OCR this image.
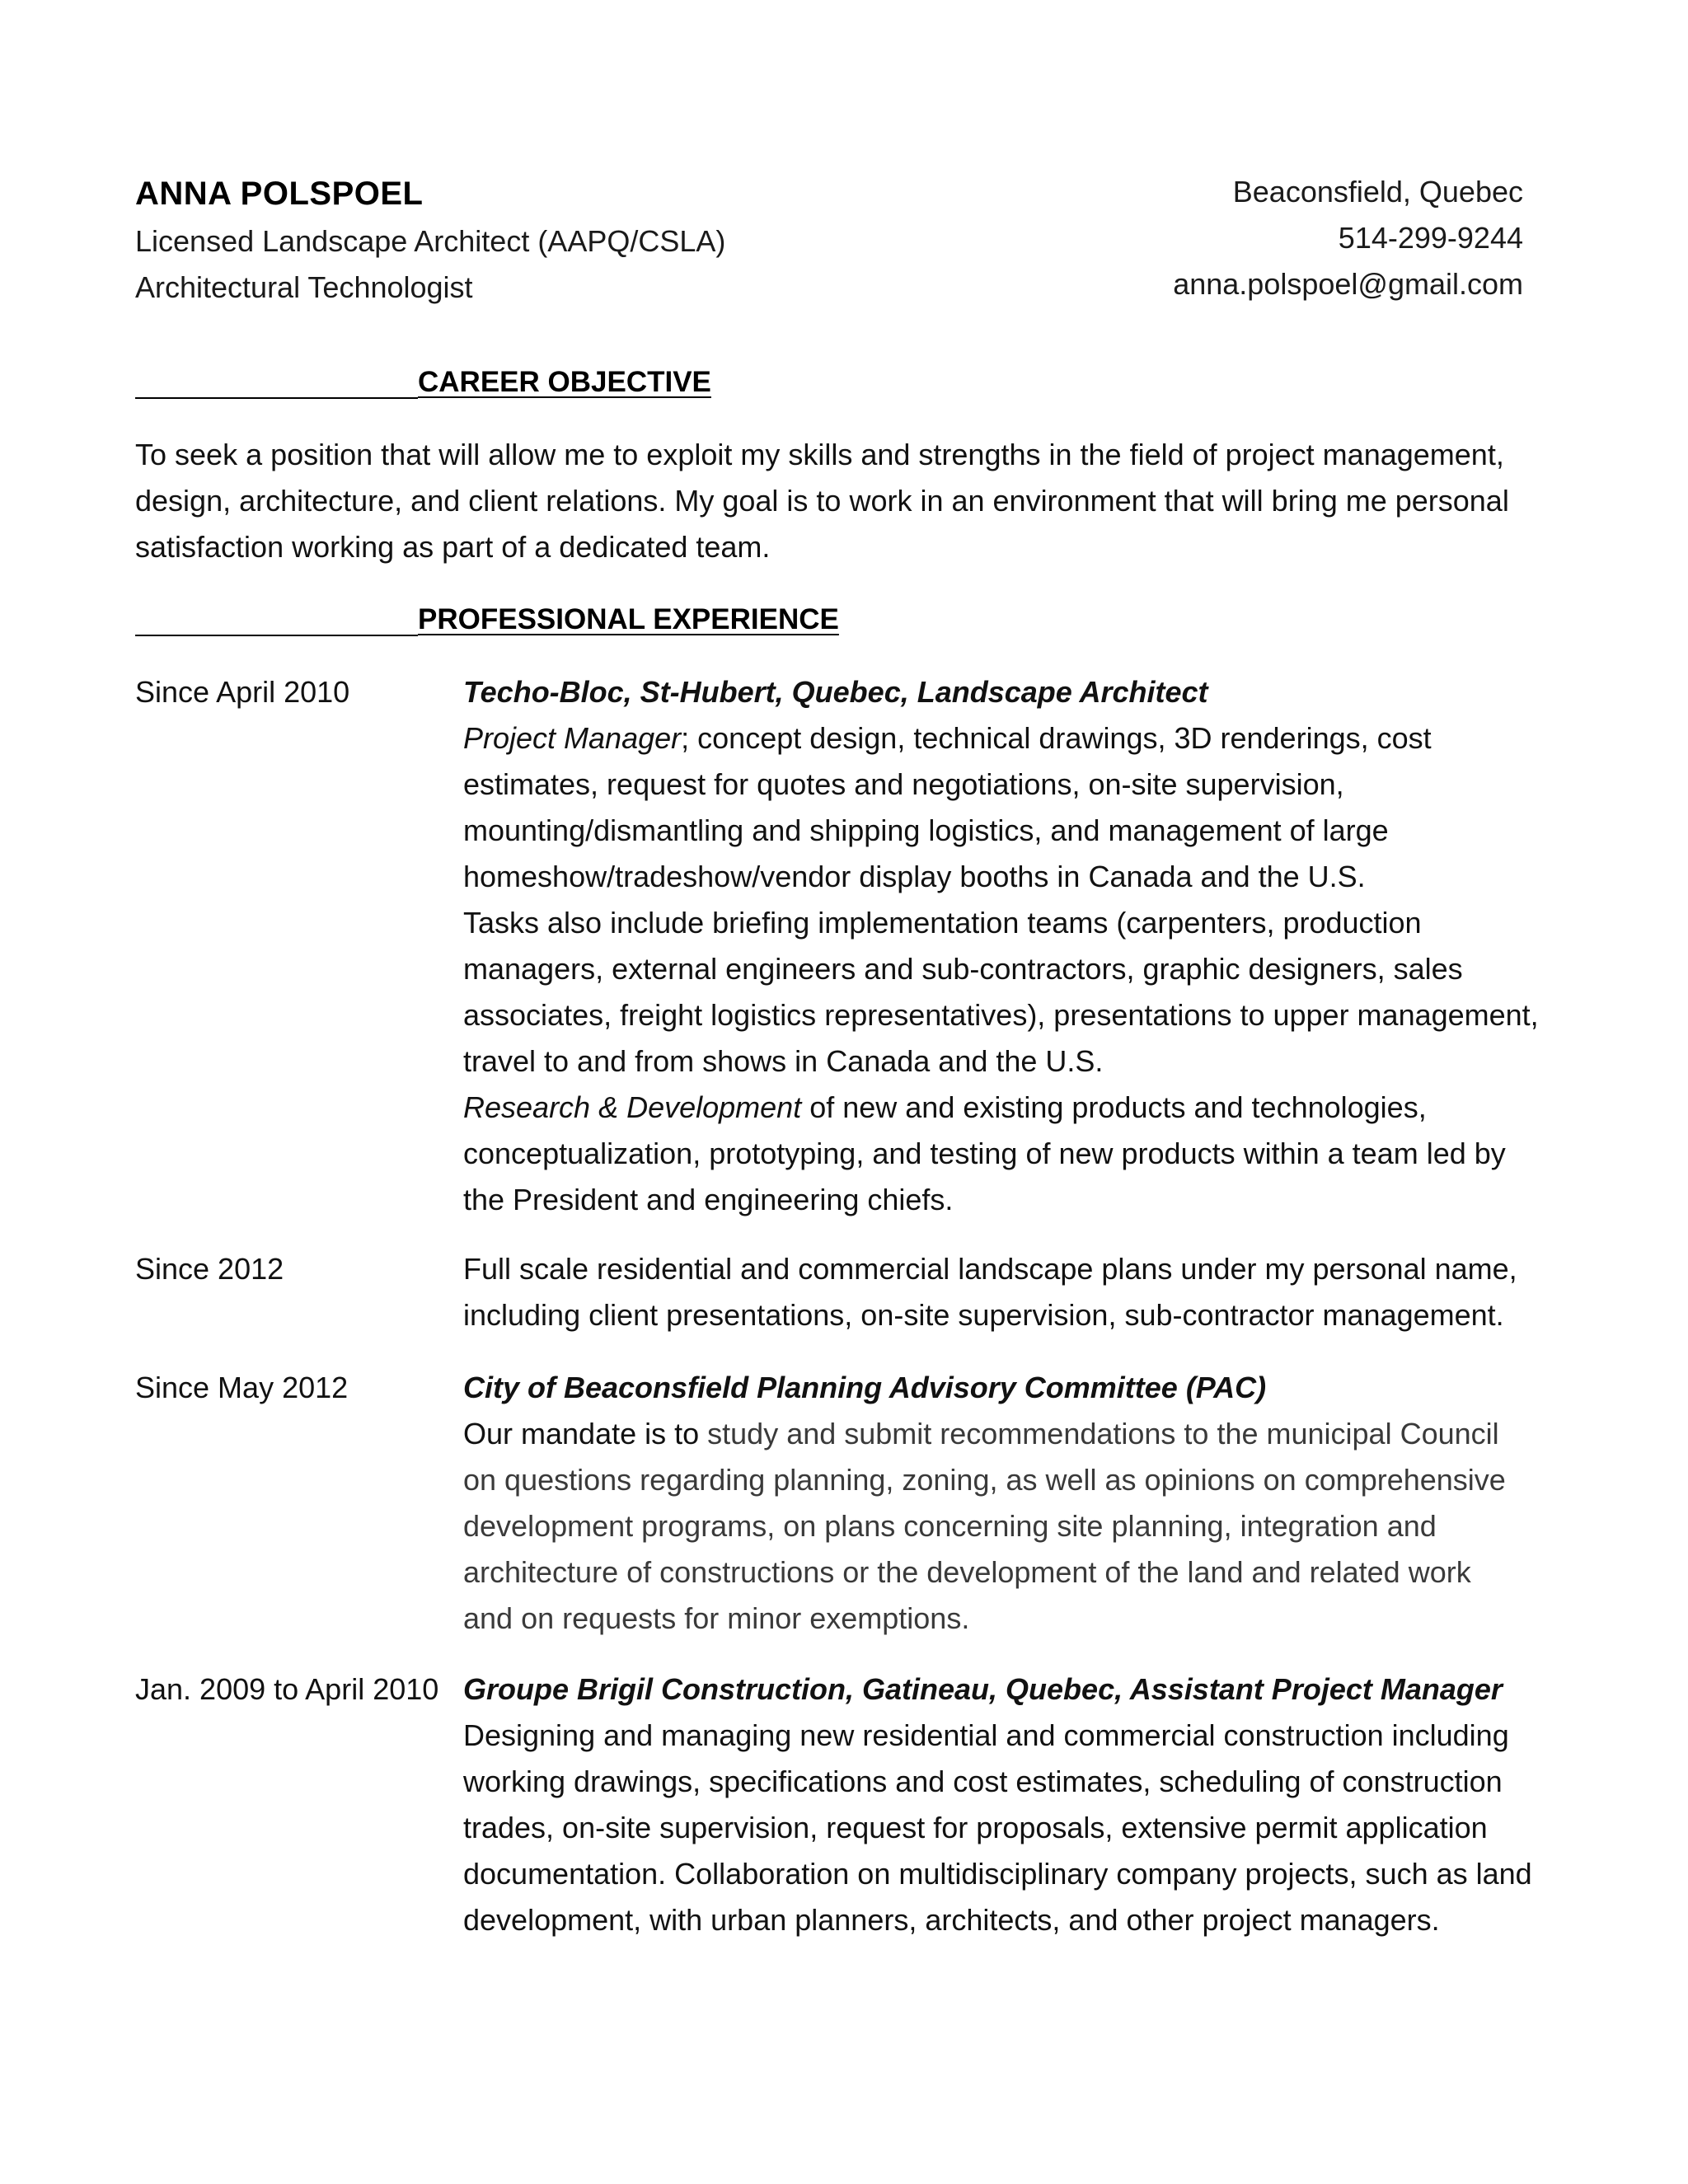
ANNA POLSPOEL
Licensed Landscape Architect (AAPQ/CSLA)
Architectural Technologist
Beaconsfield, Quebec
514-299-9244
anna.polspoel@gmail.com
CAREER OBJECTIVE
To seek a position that will allow me to exploit my skills and strengths in the field of project management,
design, architecture, and client relations. My goal is to work in an environment that will bring me personal
satisfaction working as part of a dedicated team.
PROFESSIONAL EXPERIENCE
Since April 2010	Techo-Bloc, St-Hubert, Quebec, Landscape Architect
Project Manager; concept design, technical drawings, 3D renderings, cost
estimates, request for quotes and negotiations, on-site supervision,
mounting/dismantling and shipping logistics, and management of large
homeshow/tradeshow/vendor display booths in Canada and the U.S.
Tasks also include briefing implementation teams (carpenters, production
managers, external engineers and sub-contractors, graphic designers, sales
associates, freight logistics representatives), presentations to upper management,
travel to and from shows in Canada and the U.S.
Research & Development of new and existing products and technologies,
conceptualization, prototyping, and testing of new products within a team led by
the President and engineering chiefs.
Since 2012	Full scale residential and commercial landscape plans under my personal name,
including client presentations, on-site supervision, sub-contractor management.
Since May 2012	City of Beaconsfield Planning Advisory Committee (PAC)
Our mandate is to study and submit recommendations to the municipal Council
on questions regarding planning, zoning, as well as opinions on comprehensive
development programs, on plans concerning site planning, integration and
architecture of constructions or the development of the land and related work
and on requests for minor exemptions.
Jan. 2009 to April 2010 Groupe Brigil Construction, Gatineau, Quebec, Assistant Project Manager
Designing and managing new residential and commercial construction including
working drawings, specifications and cost estimates, scheduling of construction
trades, on-site supervision, request for proposals, extensive permit application
documentation. Collaboration on multidisciplinary company projects, such as land
development, with urban planners, architects, and other project managers.
